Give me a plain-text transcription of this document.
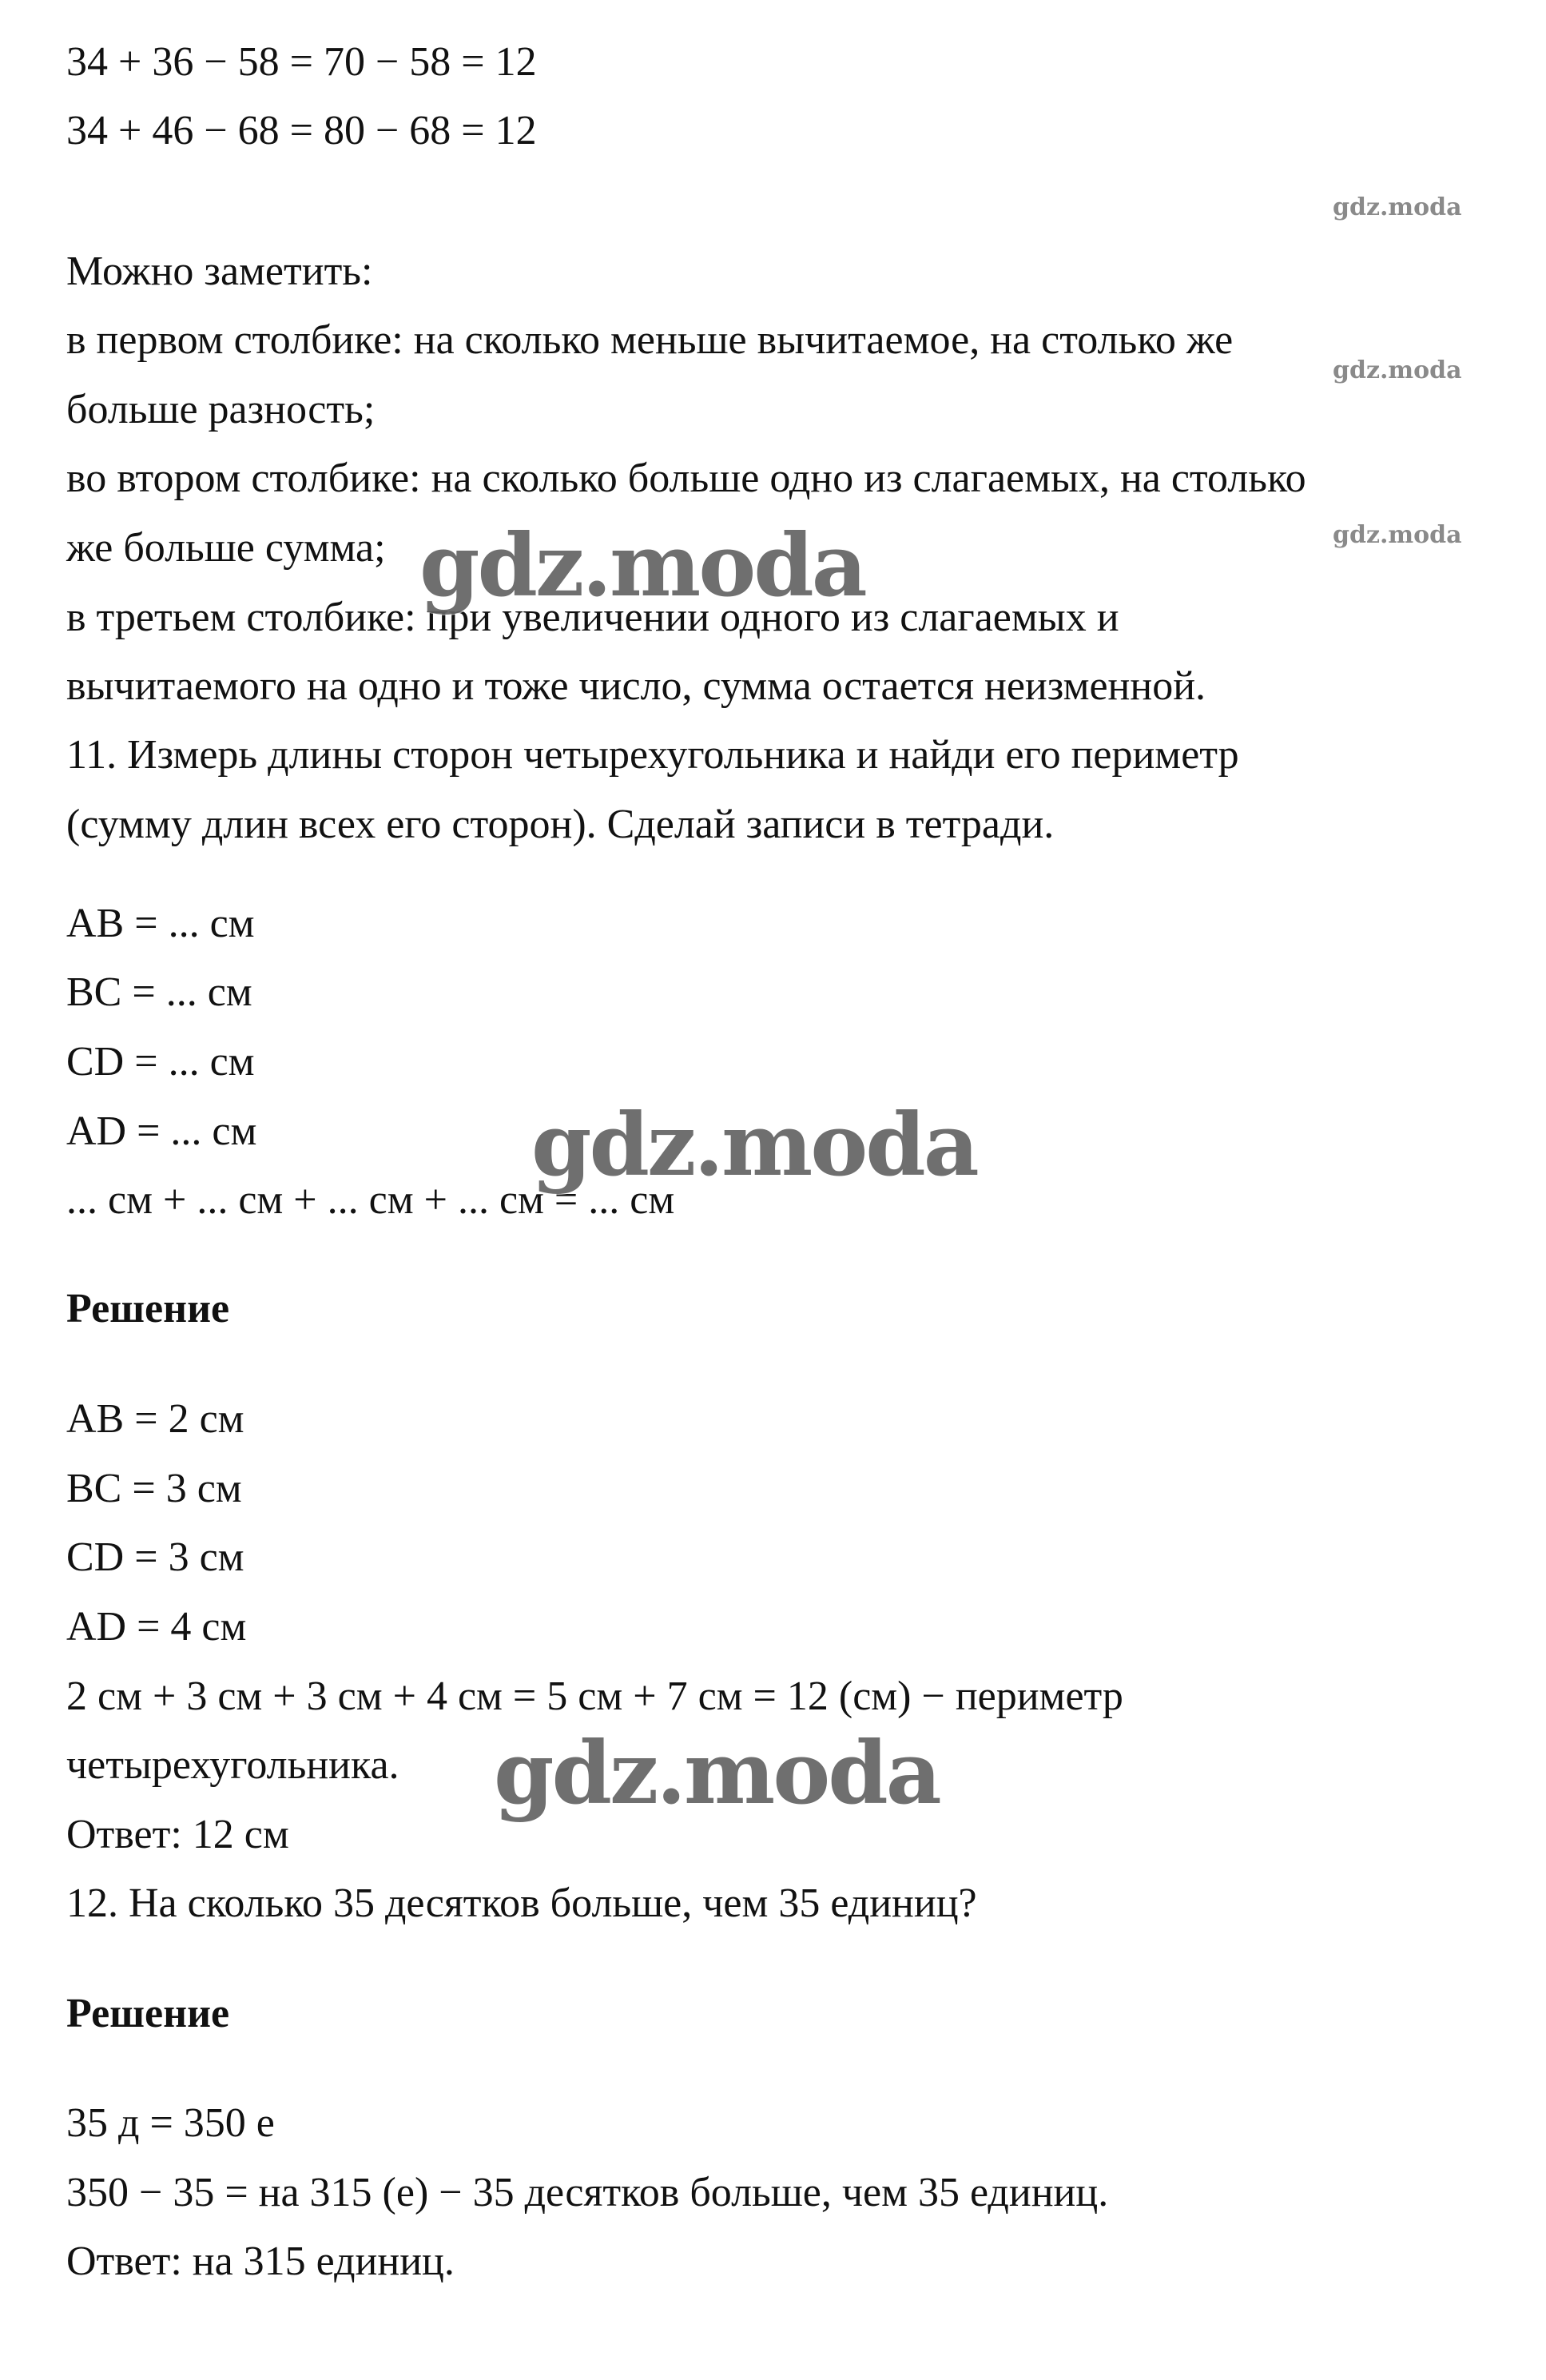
34 + 36 − 58 = 70 − 58 = 12
34 + 46 − 68 = 80 − 68 = 12
Можно заметить:
в первом столбике: на сколько меньше вычитаемое, на столько же
больше разность;
во втором столбике: на сколько больше одно из слагаемых, на столько
же больше сумма;
в третьем столбике: при увеличении одного из слагаемых и
вычитаемого на одно и тоже число, сумма остается неизменной.
11. Измерь длины сторон четырехугольника и найди его периметр
(сумму длин всех его сторон). Сделай записи в тетради.
AB = ... см
BC = ... см
CD = ... см
AD = ... см
... см + ... см + ... см + ... см = ... см
Решение
AB = 2 см
BC = 3 см
CD = 3 см
AD = 4 см
2 см + 3 см + 3 см + 4 см = 5 см + 7 см = 12 (см) − периметр
четырехугольника.
Ответ: 12 см
12. На сколько 35 десятков больше, чем 35 единиц?
Решение
35 д = 350 е
350 − 35 = на 315 (е) − 35 десятков больше, чем 35 единиц.
Ответ: на 315 единиц.
gdz.moda
gdz.moda
gdz.moda
gdz.moda
gdz.moda
gdz.moda
